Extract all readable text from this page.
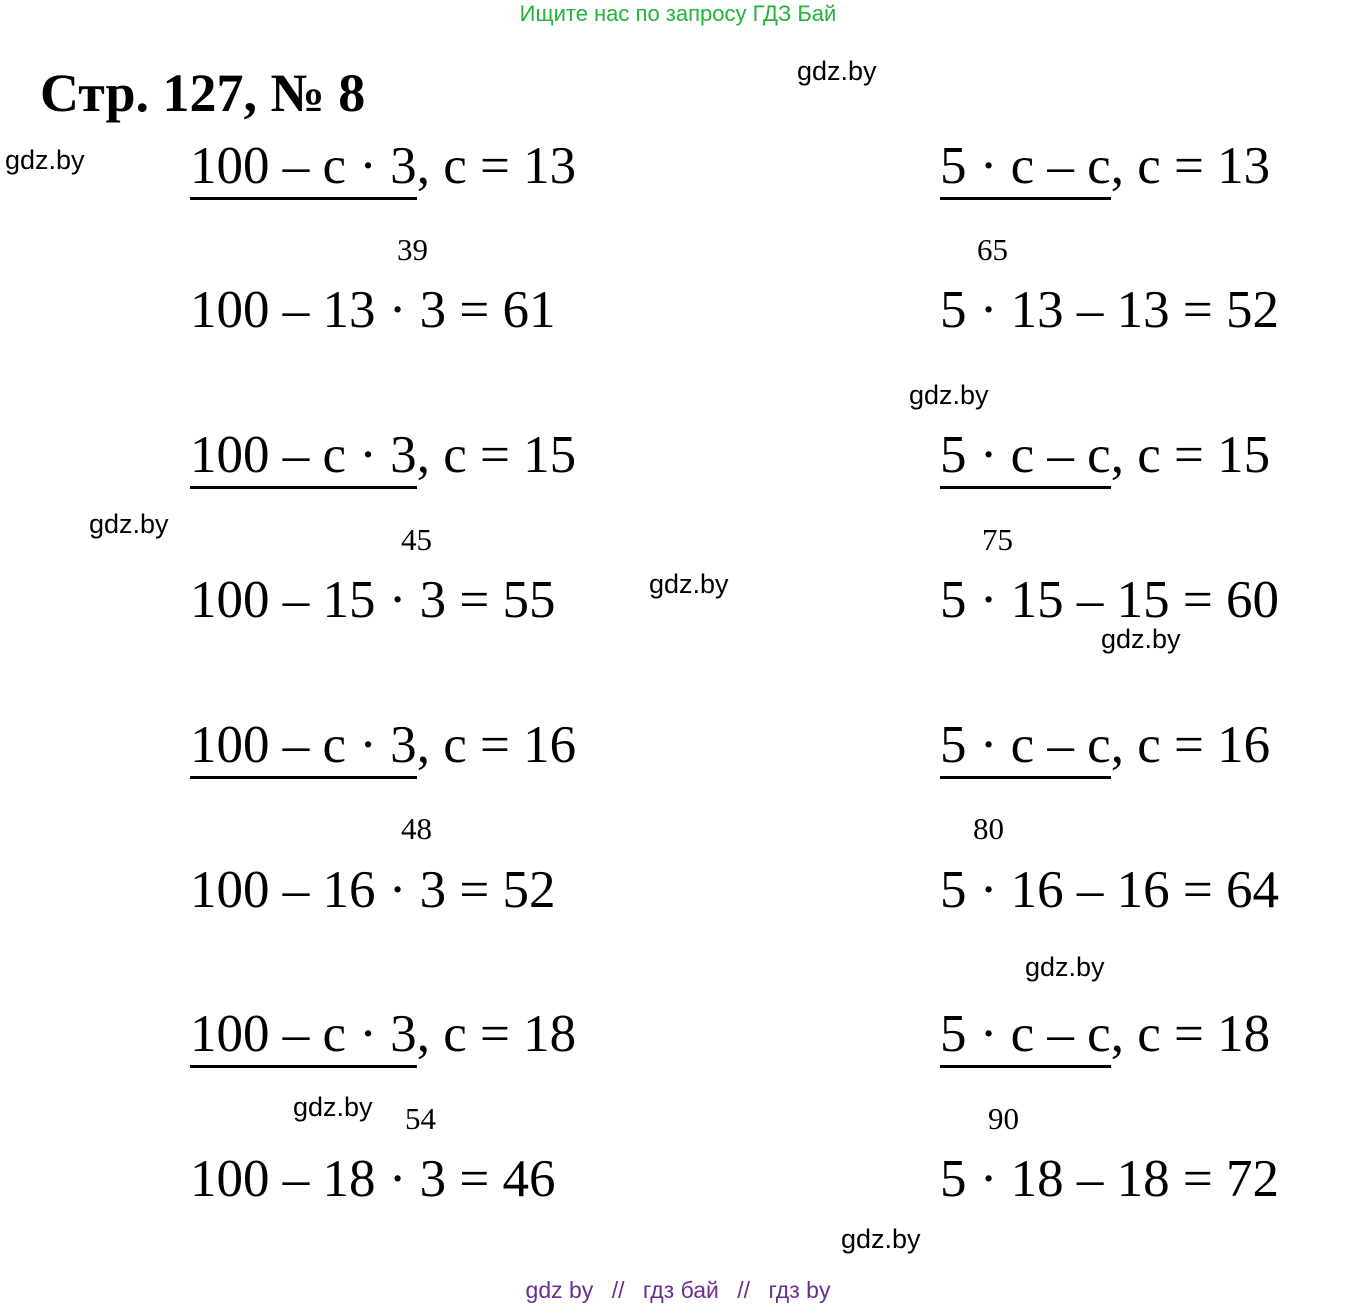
Ищите нас по запросу ГДЗ Бай
Стр. 127, № 8	gdz.by
gdz.by
gdz.by
gdz.by
gdz.by
gdz.by
gdz.by
gdz.by
gdz.by
100 – с · 3, с = 13
39
100 – 13 · 3 = 61
100 – с · 3, с = 15
45
100 – 15 · 3 = 55
100 – с · 3, с = 16
48
100 – 16 · 3 = 52
100 – с · 3, с = 18
54
100 – 18 · 3 = 46
5 · с – с, с = 13
65
5 · 13 – 13 = 52
5 · с – с, с = 15
75
5 · 15 – 15 = 60
5 · с – с, с = 16
80
5 · 16 – 16 = 64
5 · с – с, с = 18
90
5 · 18 – 18 = 72
gdz by // гдз бай // гдз by
